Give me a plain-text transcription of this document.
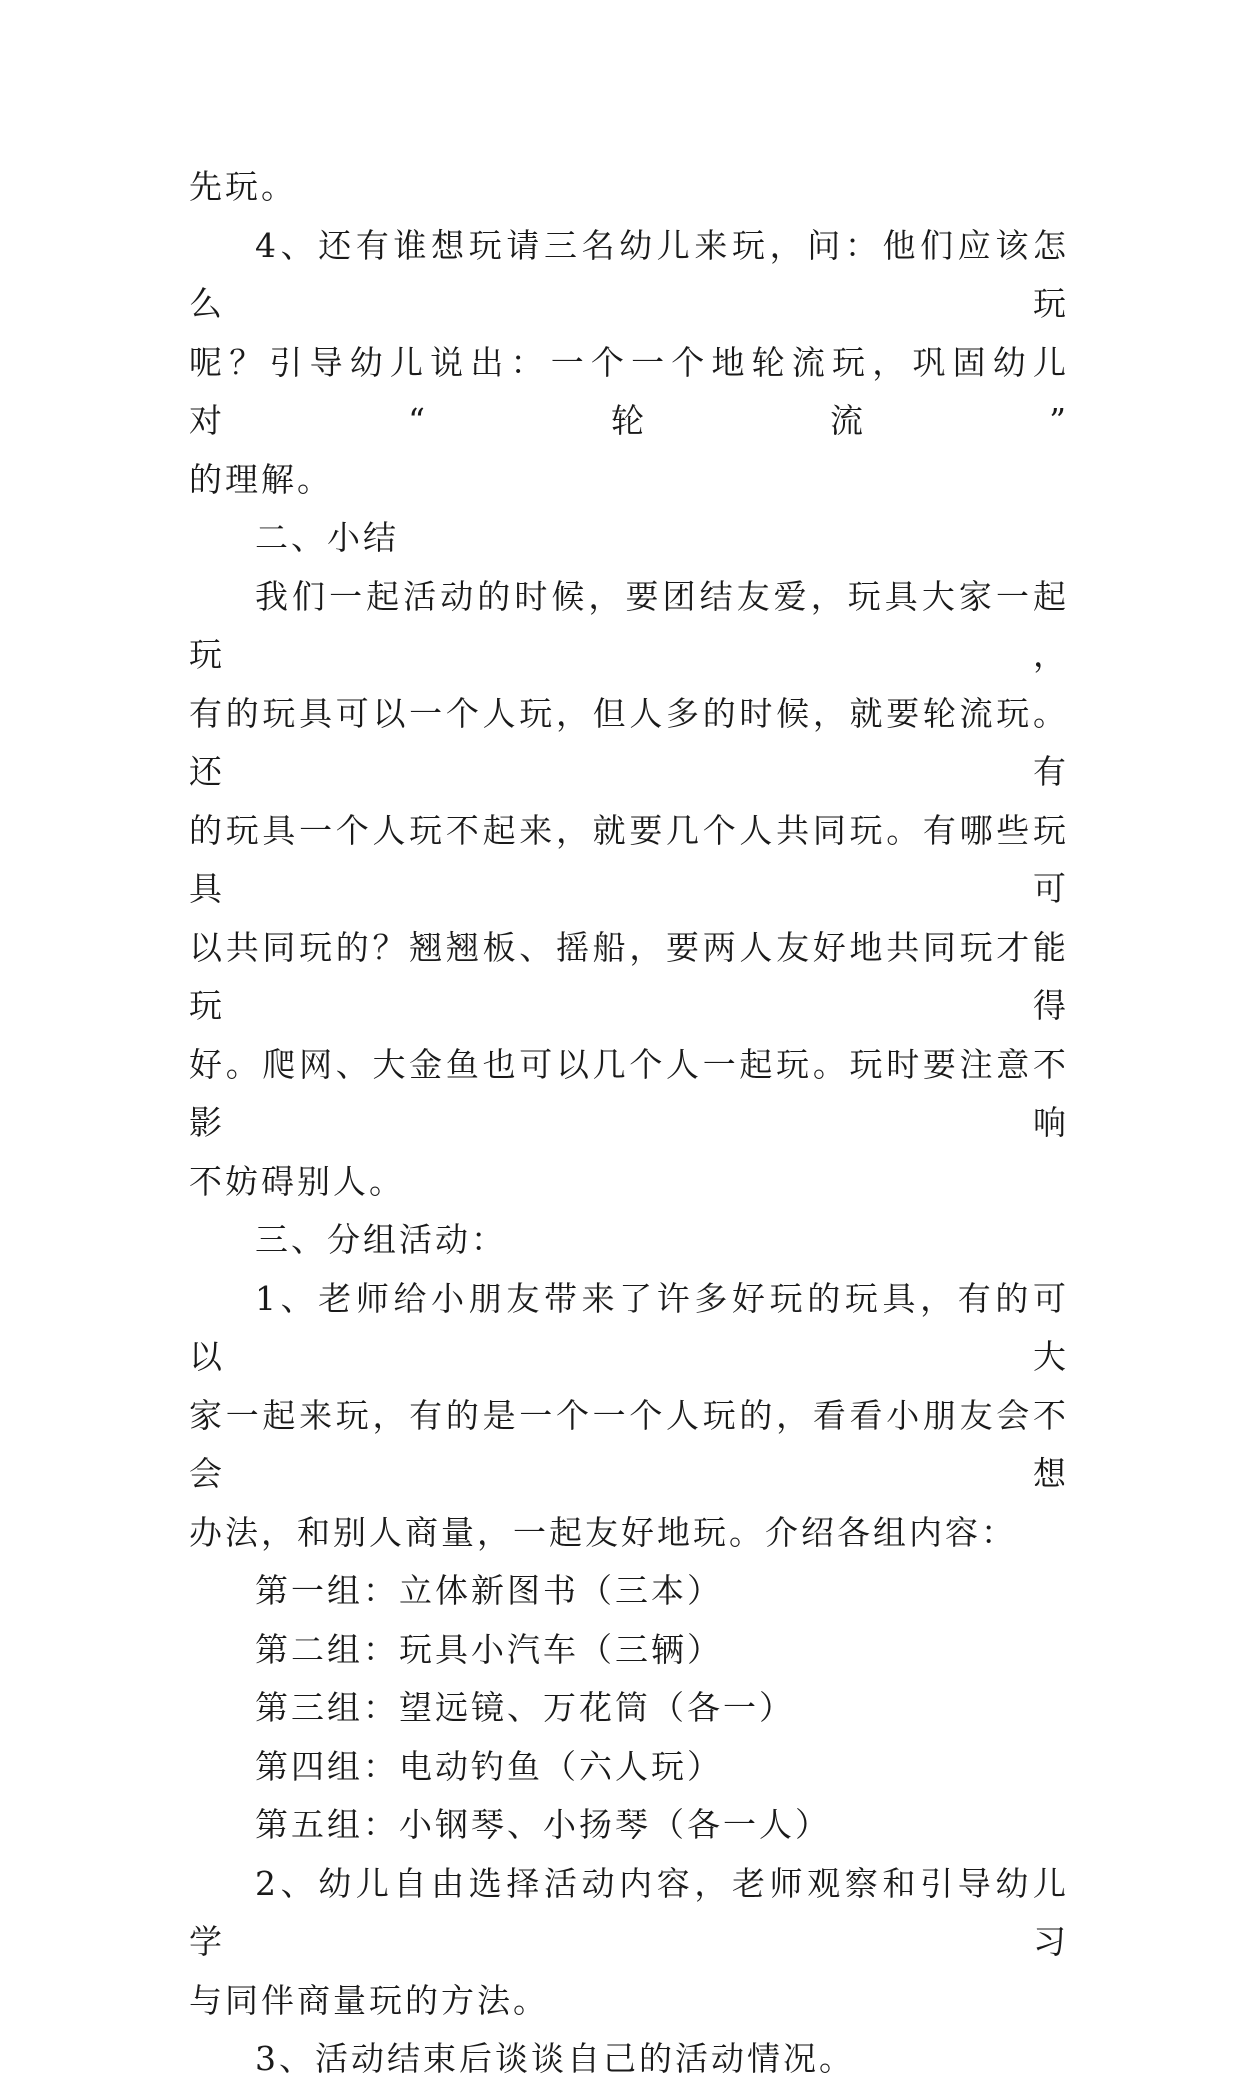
先玩。

4、还有谁想玩请三名幼儿来玩，问：他们应该怎么玩
呢？引导幼儿说出：一个一个地轮流玩，巩固幼儿对“轮流”
的理解。

二、小结

我们一起活动的时候，要团结友爱，玩具大家一起玩，
有的玩具可以一个人玩，但人多的时候，就要轮流玩。还有
的玩具一个人玩不起来，就要几个人共同玩。有哪些玩具可
以共同玩的？翘翘板、摇船，要两人友好地共同玩才能玩得
好。爬网、大金鱼也可以几个人一起玩。玩时要注意不影响
不妨碍别人。

三、分组活动：

1、老师给小朋友带来了许多好玩的玩具，有的可以大
家一起来玩，有的是一个一个人玩的，看看小朋友会不会想
办法，和别人商量，一起友好地玩。介绍各组内容：

第一组：立体新图书（三本）

第二组：玩具小汽车（三辆）

第三组：望远镜、万花筒（各一）

第四组：电动钓鱼（六人玩）

第五组：小钢琴、小扬琴（各一人）

2、幼儿自由选择活动内容，老师观察和引导幼儿学习
与同伴商量玩的方法。

3、活动结束后谈谈自己的活动情况。
